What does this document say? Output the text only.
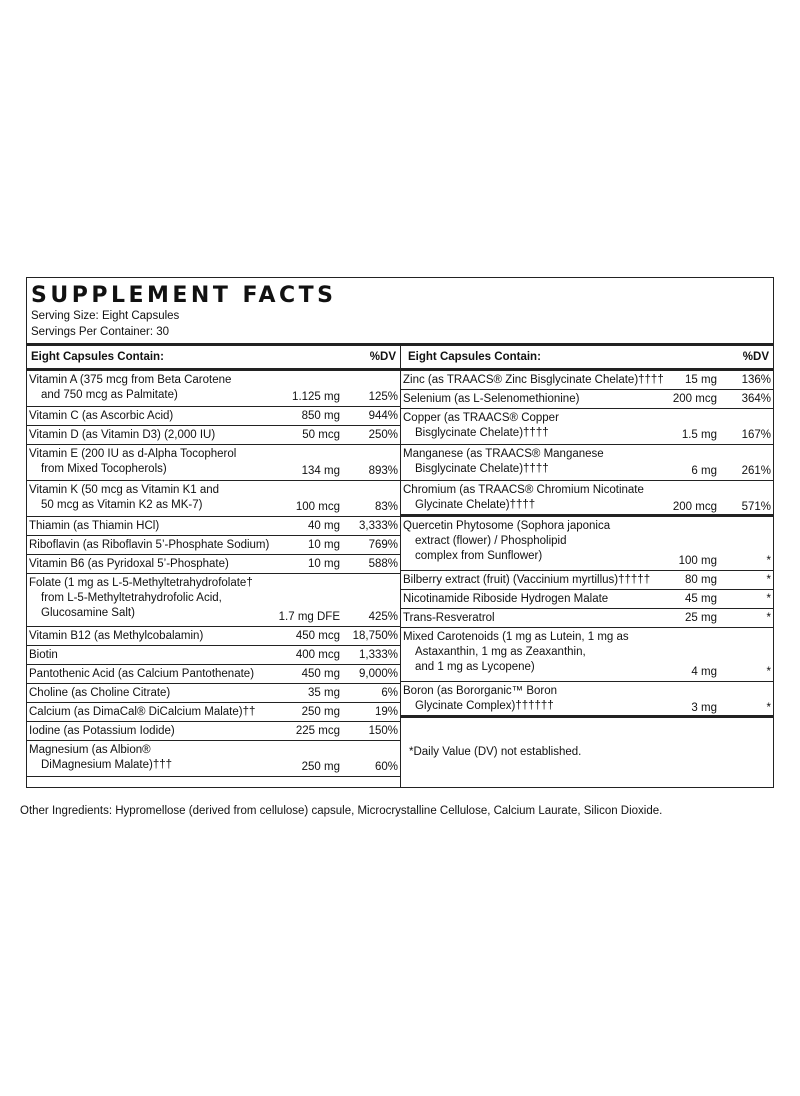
SUPPLEMENT FACTS
Serving Size: Eight Capsules
Servings Per Container: 30
Eight Capsules Contain:	%DV Eight Capsules Contain:	%DV
Vitamin A (375 mcg from Beta Carotene
and 750 mcg as Palmitate)	1.125 mg 125%
Vitamin C (as Ascorbic Acid)	850 mg 944%
Vitamin D (as Vitamin D3) (2,000 IU)	50 mcg 250%
Vitamin E (200 IU as d-Alpha Tocopherol
from Mixed Tocopherols)	134 mg 893%
Vitamin K (50 mcg as Vitamin K1 and
50 mcg as Vitamin K2 as MK-7)	100 mcg	83%
Thiamin (as Thiamin HCl)	40 mg 3,333%
Riboflavin (as Riboflavin 5’-Phosphate Sodium)	10 mg 769%
Vitamin B6 (as Pyridoxal 5’-Phosphate)	10 mg 588%
Folate (1 mg as L-5-Methyltetrahydrofolate†
from L-5-Methyltetrahydrofolic Acid,
Glucosamine Salt)	1.7 mg DFE 425%
Vitamin B12 (as Methylcobalamin)	450 mcg 18,750%
Biotin	400 mcg 1,333%
Pantothenic Acid (as Calcium Pantothenate)	450 mg 9,000%
Choline (as Choline Citrate)	35 mg	6%
Calcium (as DimaCal® DiCalcium Malate)††	250 mg	19%
Iodine (as Potassium Iodide)	225 mcg 150%
Magnesium (as Albion®
DiMagnesium Malate)†††	250 mg	60%
Zinc (as TRAACS® Zinc Bisglycinate Chelate)†††† 15 mg 136%
Selenium (as L-Selenomethionine)	200 mcg 364%
Copper (as TRAACS® Copper
Bisglycinate Chelate)††††	1.5 mg 167%
Manganese (as TRAACS® Manganese
Bisglycinate Chelate)††††	6 mg 261%
Chromium (as TRAACS® Chromium Nicotinate
Glycinate Chelate)††††	200 mcg 571%
Quercetin Phytosome (Sophora japonica
extract (flower) / Phospholipid
complex from Sunflower)	100 mg	*
Bilberry extract (fruit) (Vaccinium myrtillus)†††††	80 mg	*
Nicotinamide Riboside Hydrogen Malate	45 mg	*
Trans-Resveratrol	25 mg	*
Mixed Carotenoids (1 mg as Lutein, 1 mg as
Astaxanthin, 1 mg as Zeaxanthin,
and 1 mg as Lycopene)	4 mg	*
Boron (as Bororganic™ Boron
Glycinate Complex)††††††	3 mg	*
*Daily Value (DV) not established.
Other Ingredients: Hypromellose (derived from cellulose) capsule, Microcrystalline Cellulose, Calcium Laurate, Silicon Dioxide.
